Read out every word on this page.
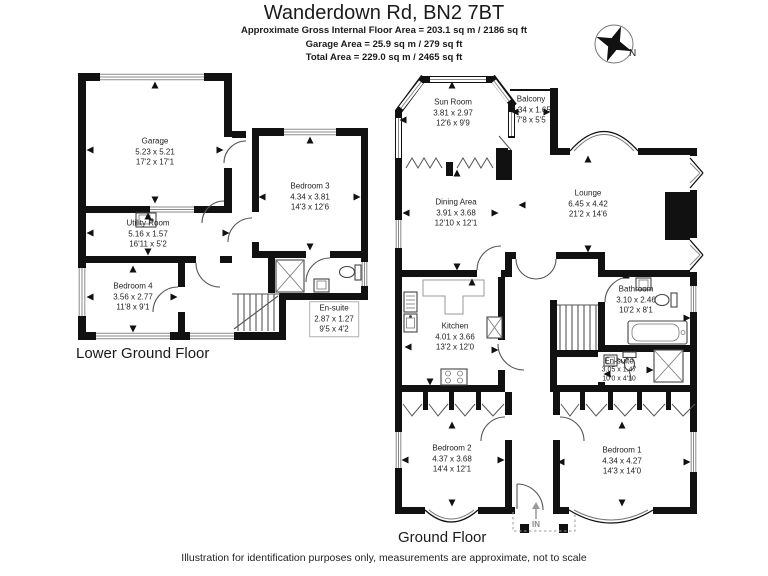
Wanderdown Rd, BN2 7BT
Approximate Gross Internal Floor Area = 203.1 sq m / 2186 sq ft
Garage Area = 25.9 sq m / 279 sq ft
Total Area = 229.0 sq m / 2465 sq ft
Garage
5.23 x 5.21
17'2 x 17'1
Bedroom 3
4.34 x 3.81
14'3 x 12'6
Utility Room
5.16 x 1.57
16'11 x 5'2
Bedroom 4
3.56 x 2.77
11'8 x 9'1	En-suite
2.87 x 1.27
9'5 x 4'2
Sun Room
3.81 x 2.97
12'6 x 9'9
Balcony
2.34 x 1.65
7'8 x 5'5
Dining Area
3.91 x 3.68
12'10 x 12'1
Lounge
6.45 x 4.42
21'2 x 14'6
Kitchen
4.01 x 3.66
13'2 x 12'0
Bathroom
3.10 x 2.46
10'2 x 8'1
En-suite
3.05 x 1.47
10'0 x 4'10
Bedroom 2
4.37 x 3.68
14'4 x 12'1
Bedroom 1
4.34 x 4.27
14'3 x 14'0
Lower Ground Floor
Ground Floor
IN
N
Illustration for identification purposes only, measurements are approximate, not to scale
